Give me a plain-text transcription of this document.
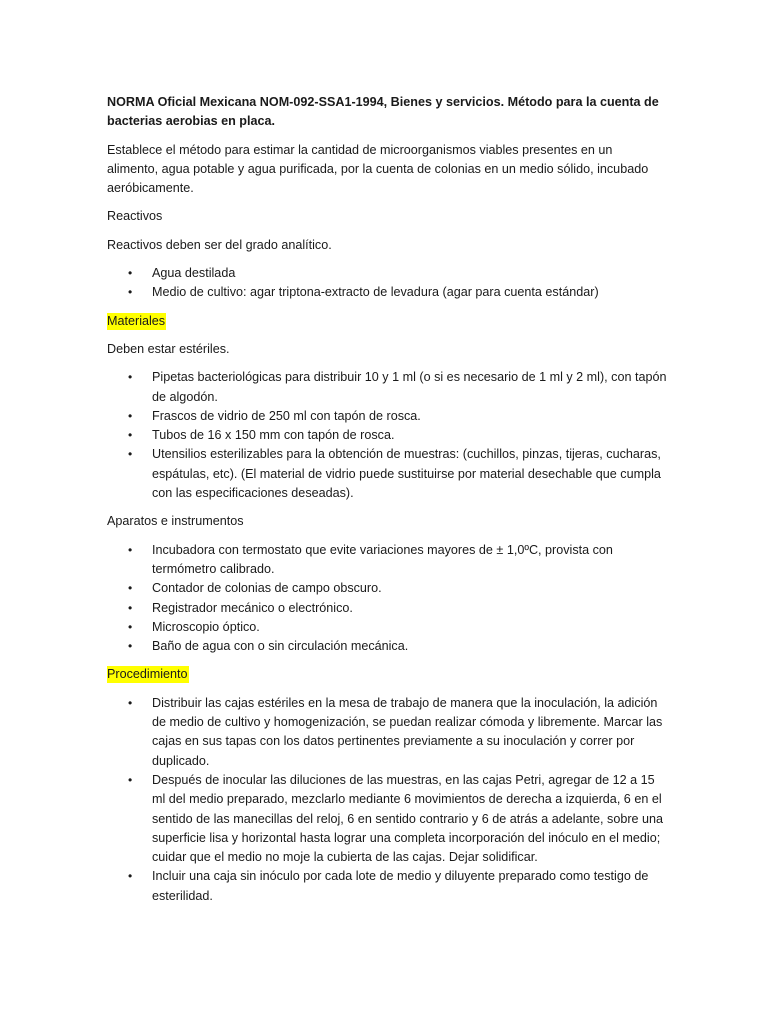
NORMA Oficial Mexicana NOM-092-SSA1-1994, Bienes y servicios. Método para la cuenta de bacterias aerobias en placa.

Establece el método para estimar la cantidad de microorganismos viables presentes en un alimento, agua potable y agua purificada, por la cuenta de colonias en un medio sólido, incubado aeróbicamente.

Reactivos

Reactivos deben ser del grado analítico.

• Agua destilada
• Medio de cultivo: agar triptona-extracto de levadura (agar para cuenta estándar)
Materiales

Deben estar estériles.

• Pipetas bacteriológicas para distribuir 10 y 1 ml (o si es necesario de 1 ml y 2 ml), con tapón de algodón.
• Frascos de vidrio de 250 ml con tapón de rosca.
• Tubos de 16 x 150 mm con tapón de rosca.
• Utensilios esterilizables para la obtención de muestras: (cuchillos, pinzas, tijeras, cucharas, espátulas, etc). (El material de vidrio puede sustituirse por material desechable que cumpla con las especificaciones deseadas).
Aparatos e instrumentos
• Incubadora con termostato que evite variaciones mayores de ± 1,0ºC, provista con termómetro calibrado.
• Contador de colonias de campo obscuro.
• Registrador mecánico o electrónico.
• Microscopio óptico.
• Baño de agua con o sin circulación mecánica.
Procedimiento
• Distribuir las cajas estériles en la mesa de trabajo de manera que la inoculación, la adición de medio de cultivo y homogenización, se puedan realizar cómoda y libremente. Marcar las cajas en sus tapas con los datos pertinentes previamente a su inoculación y correr por duplicado.
• Después de inocular las diluciones de las muestras, en las cajas Petri, agregar de 12 a 15 ml del medio preparado, mezclarlo mediante 6 movimientos de derecha a izquierda, 6 en el sentido de las manecillas del reloj, 6 en sentido contrario y 6 de atrás a adelante, sobre una superficie lisa y horizontal hasta lograr una completa incorporación del inóculo en el medio; cuidar que el medio no moje la cubierta de las cajas. Dejar solidificar.
• Incluir una caja sin inóculo por cada lote de medio y diluyente preparado como testigo de esterilidad.
